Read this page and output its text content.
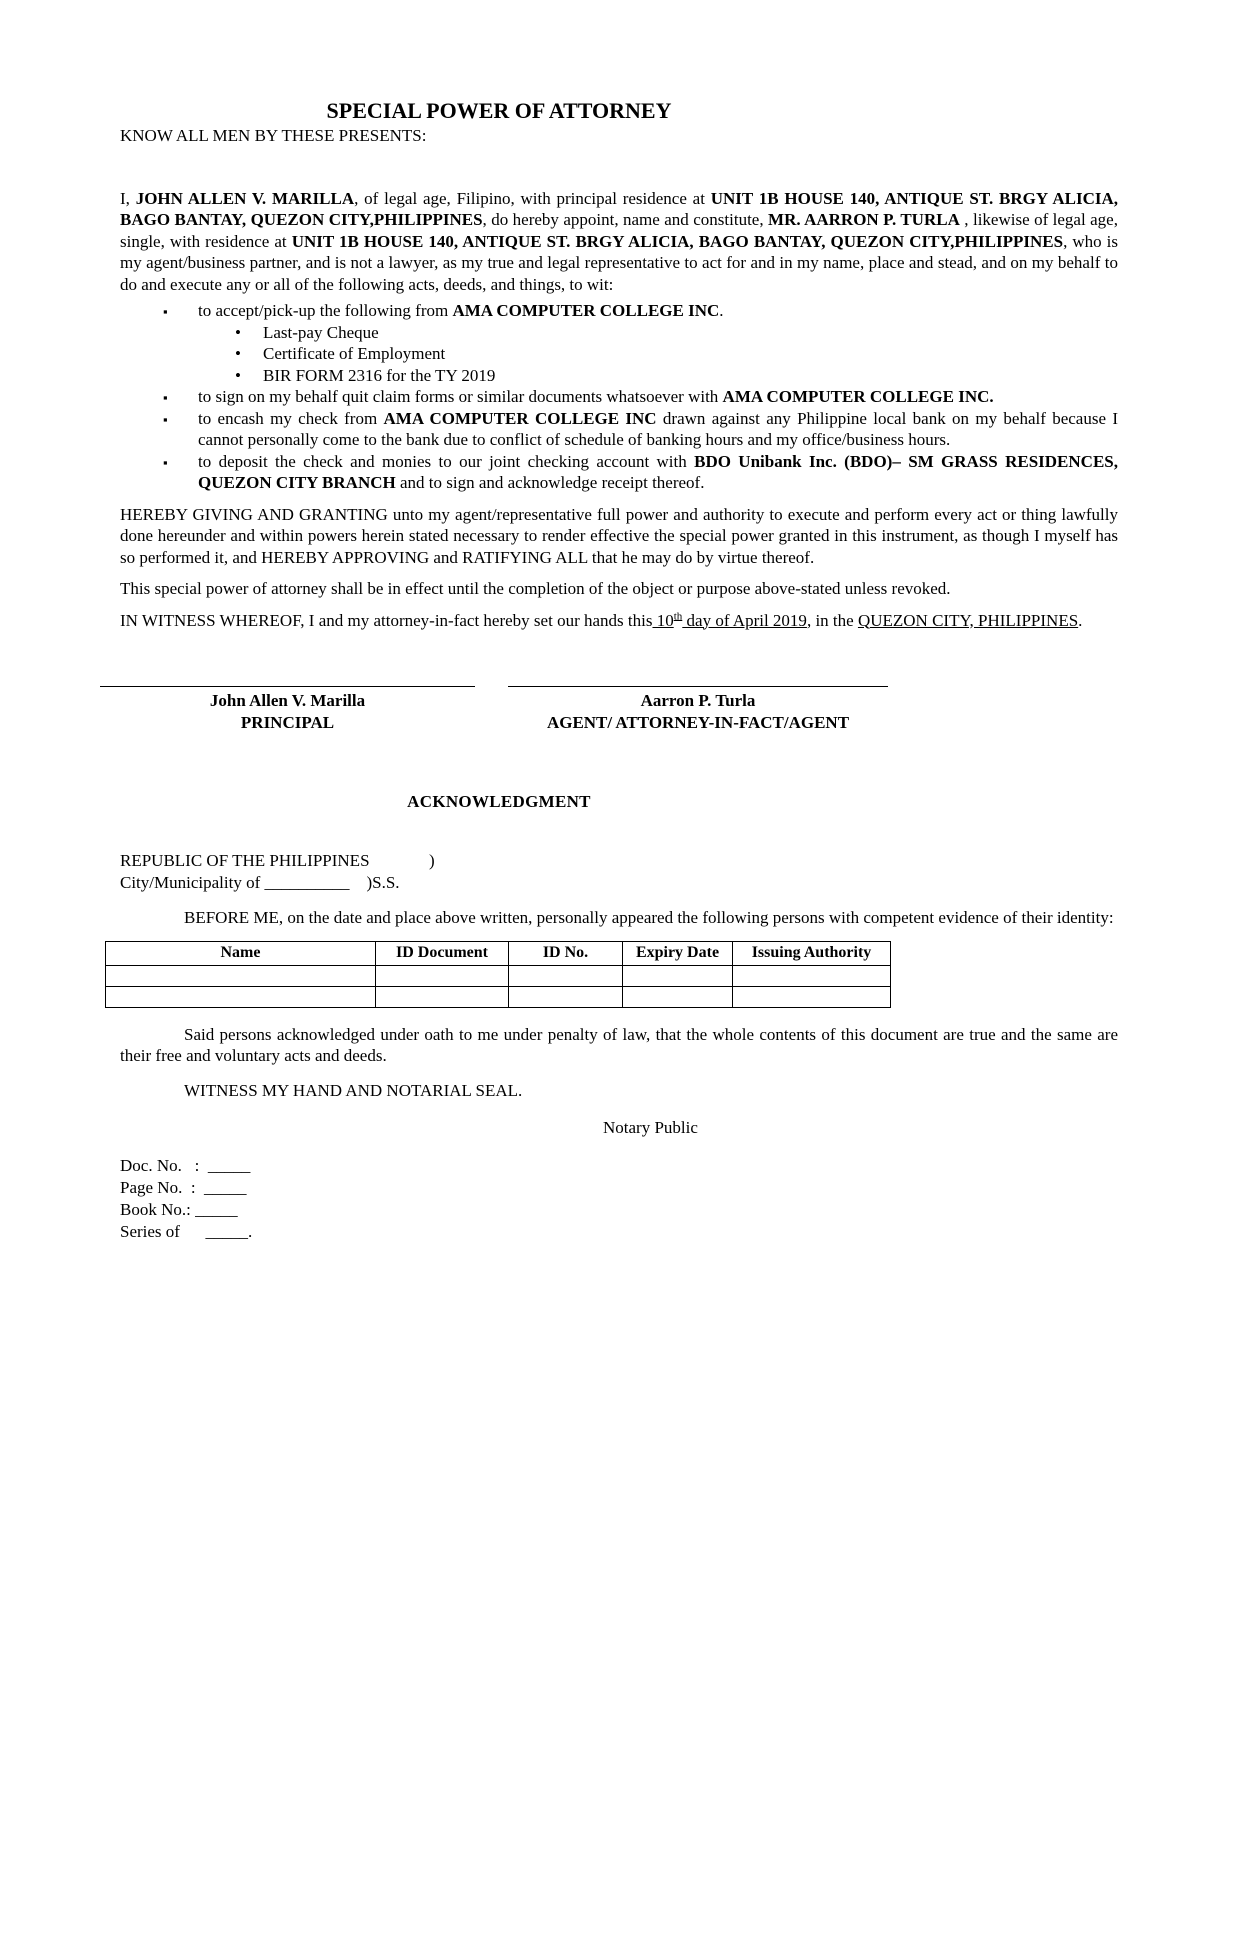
SPECIAL POWER OF ATTORNEY

KNOW ALL MEN BY THESE PRESENTS:

I, JOHN ALLEN V. MARILLA, of legal age, Filipino, with principal residence at UNIT 1B HOUSE 140, ANTIQUE ST. BRGY ALICIA, BAGO BANTAY, QUEZON CITY,PHILIPPINES, do hereby appoint, name and constitute, MR. AARRON P. TURLA , likewise of legal age, single, with residence at UNIT 1B HOUSE 140, ANTIQUE ST. BRGY ALICIA, BAGO BANTAY, QUEZON CITY,PHILIPPINES, who is my agent/business partner, and is not a lawyer, as my true and legal representative to act for and in my name, place and stead, and on my behalf to do and execute any or all of the following acts, deeds, and things, to wit:

▪ to accept/pick-up the following from AMA COMPUTER COLLEGE INC.
• Last-pay Cheque
• Certificate of Employment
• BIR FORM 2316 for the TY 2019
▪ to sign on my behalf quit claim forms or similar documents whatsoever with AMA COMPUTER COLLEGE INC.
▪ to encash my check from AMA COMPUTER COLLEGE INC drawn against any Philippine local bank on my behalf because I cannot personally come to the bank due to conflict of schedule of banking hours and my office/business hours.
▪ to deposit the check and monies to our joint checking account with BDO Unibank Inc. (BDO)– SM GRASS RESIDENCES, QUEZON CITY BRANCH and to sign and acknowledge receipt thereof.

HEREBY GIVING AND GRANTING unto my agent/representative full power and authority to execute and perform every act or thing lawfully done hereunder and within powers herein stated necessary to render effective the special power granted in this instrument, as though I myself has so performed it, and HEREBY APPROVING and RATIFYING ALL that he may do by virtue thereof.

This special power of attorney shall be in effect until the completion of the object or purpose above-stated unless revoked.

IN WITNESS WHEREOF, I and my attorney-in-fact hereby set our hands this 10th day of April 2019, in the QUEZON CITY, PHILIPPINES.

John Allen V. Marilla
PRINCIPAL
Aarron P. Turla
AGENT/ ATTORNEY-IN-FACT/AGENT
ACKNOWLEDGMENT
REPUBLIC OF THE PHILIPPINES              )
City/Municipality of __________    )S.S.

BEFORE ME, on the date and place above written, personally appeared the following persons with competent evidence of their identity:

Name	ID Document	ID No.	Expiry Date	Issuing Authority

Said persons acknowledged under oath to me under penalty of law, that the whole contents of this document are true and the same are their free and voluntary acts and deeds.

WITNESS MY HAND AND NOTARIAL SEAL.

Notary Public
Doc. No.   :  _____
Page No.  :  _____
Book No.: _____
Series of      _____.
